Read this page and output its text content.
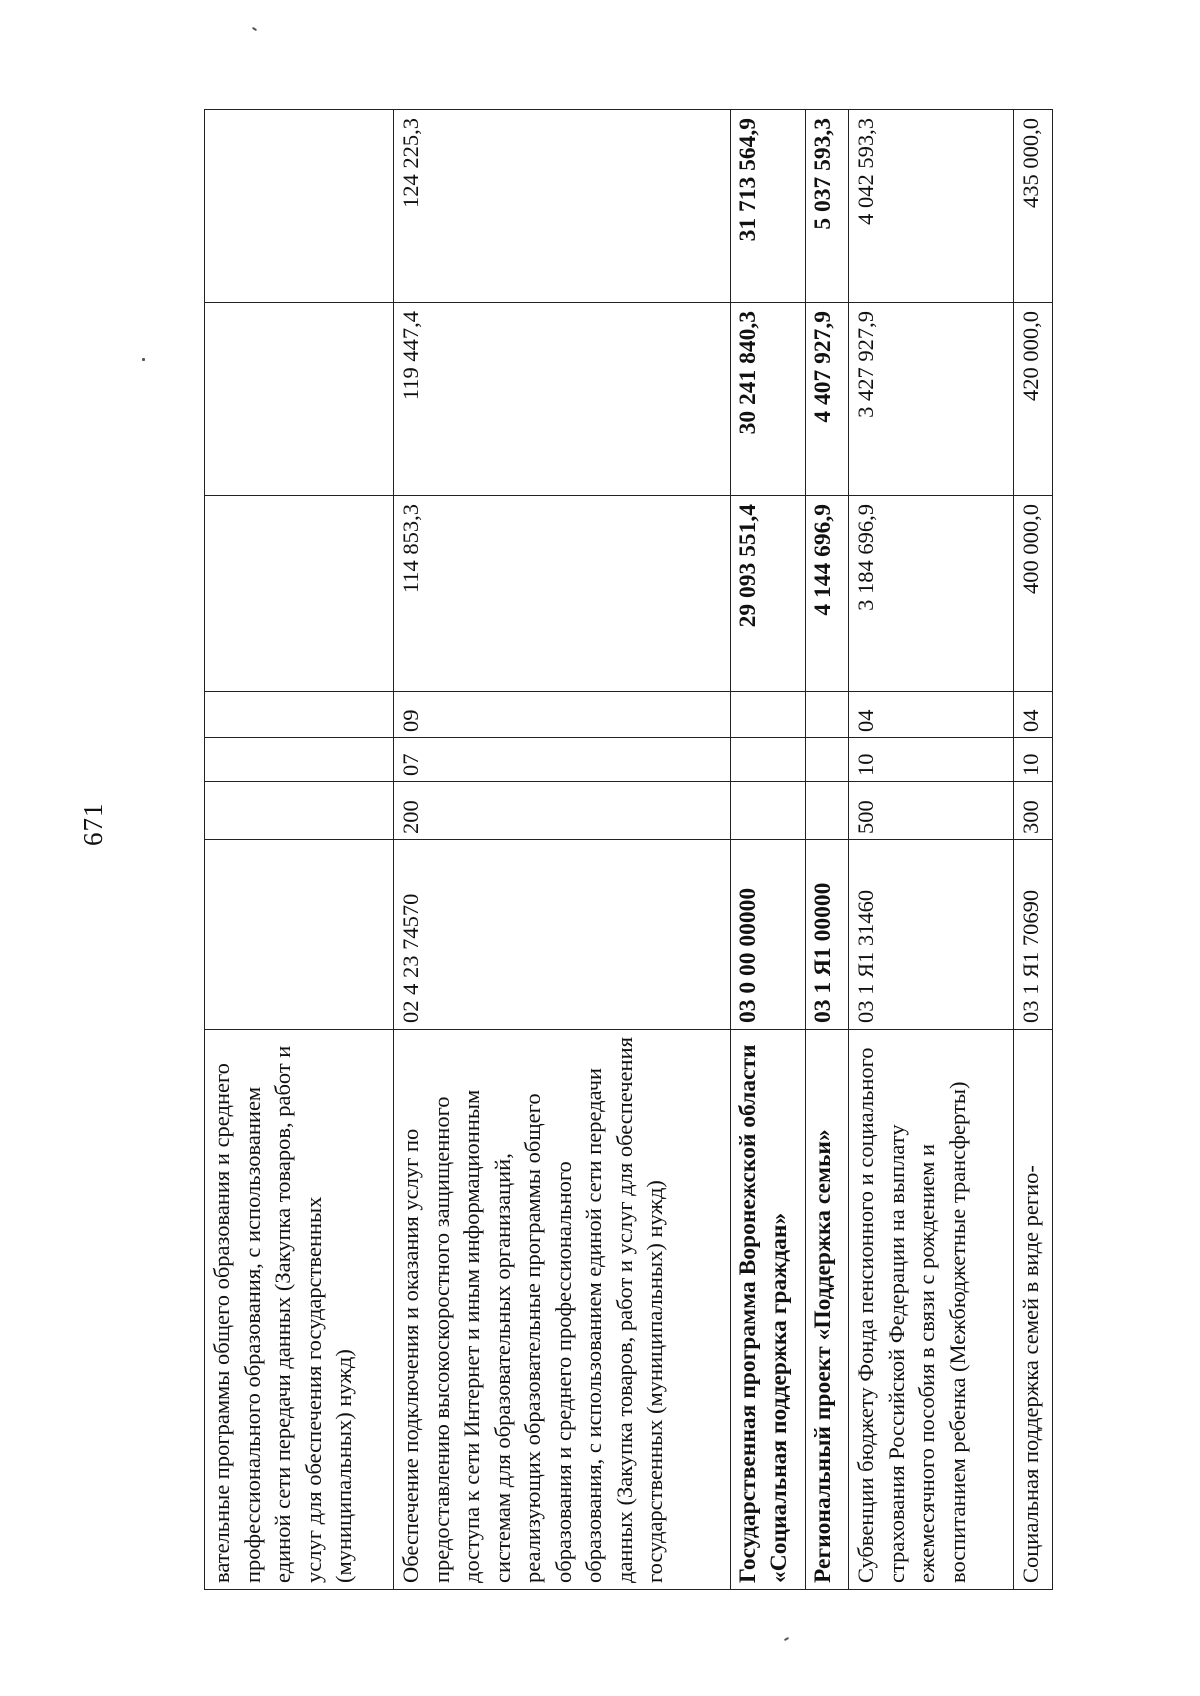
671
вательные программы общего образования и среднего профессионального образования, с использованием единой сети передачи данных (Закупка товаров, работ и услуг для обеспечения государственных (муниципальных) нужд)							
Обеспечение подключения и оказания услуг по предоставлению высокоскоростного защищенного доступа к сети Интернет и иным информационным системам для образовательных организаций, реализующих образовательные программы общего образования и среднего профессионального образования, с использованием единой сети передачи данных (Закупка товаров, работ и услуг для обеспечения государственных (муниципальных) нужд)	02 4 23 74570	200	07	09	114 853,3	119 447,4	124 225,3
Государственная программа Воронежской области «Социальная поддержка граждан»	03 0 00 00000				29 093 551,4	30 241 840,3	31 713 564,9
Региональный проект «Поддержка семьи»	03 1 Я1 00000				4 144 696,9	4 407 927,9	5 037 593,3
Субвенции бюджету Фонда пенсионного и социального страхования Российской Федерации на выплату ежемесячного пособия в связи с рождением и воспитанием ребенка (Межбюджетные трансферты)	03 1 Я1 31460	500	10	04	3 184 696,9	3 427 927,9	4 042 593,3
Социальная поддержка семей в виде регио-	03 1 Я1 70690	300	10	04	400 000,0	420 000,0	435 000,0
